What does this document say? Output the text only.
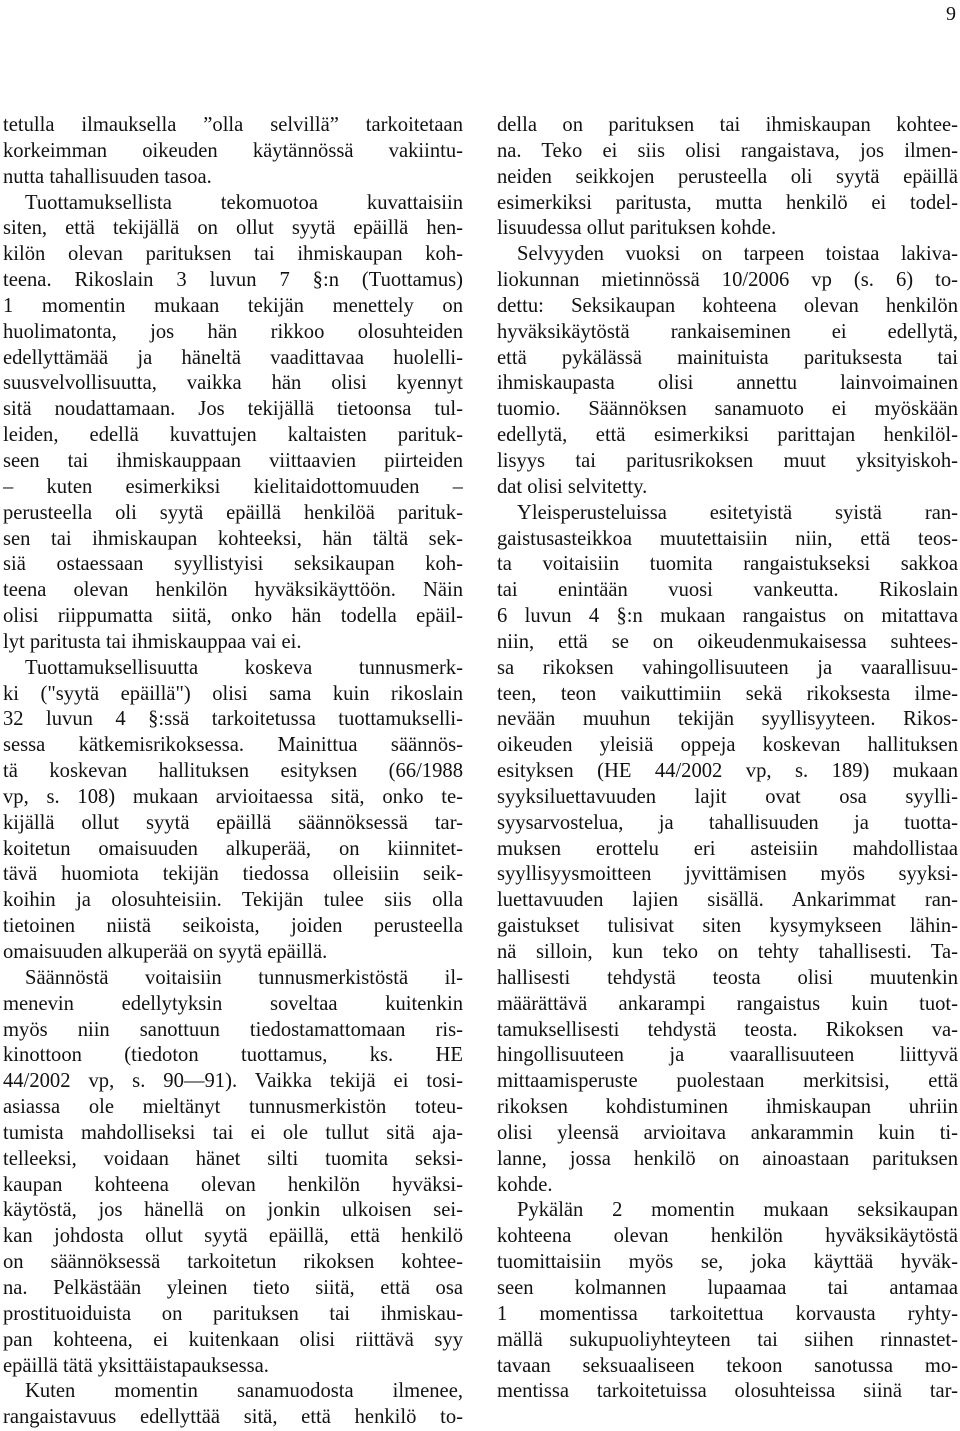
9
tetulla ilmauksella ”olla selvillä” tarkoitetaan
korkeimman oikeuden käytännössä vakiintu-
nutta tahallisuuden tasoa.
Tuottamuksellista tekomuotoa kuvattaisiin
siten, että tekijällä on ollut syytä epäillä hen-
kilön olevan parituksen tai ihmiskaupan koh-
teena. Rikoslain 3 luvun 7 §:n (Tuottamus)
1 momentin mukaan tekijän menettely on
huolimatonta, jos hän rikkoo olosuhteiden
edellyttämää ja häneltä vaadittavaa huolelli-
suusvelvollisuutta, vaikka hän olisi kyennyt
sitä noudattamaan. Jos tekijällä tietoonsa tul-
leiden, edellä kuvattujen kaltaisten parituk-
seen tai ihmiskauppaan viittaavien piirteiden
– kuten esimerkiksi kielitaidottomuuden –
perusteella oli syytä epäillä henkilöä parituk-
sen tai ihmiskaupan kohteeksi, hän tältä sek-
siä ostaessaan syyllistyisi seksikaupan koh-
teena olevan henkilön hyväksikäyttöön. Näin
olisi riippumatta siitä, onko hän todella epäil-
lyt paritusta tai ihmiskauppaa vai ei.
Tuottamuksellisuutta koskeva tunnusmerk-
ki ("syytä epäillä") olisi sama kuin rikoslain
32 luvun 4 §:ssä tarkoitetussa tuottamukselli-
sessa kätkemisrikoksessa. Mainittua säännös-
tä koskevan hallituksen esityksen (66/1988
vp, s. 108) mukaan arvioitaessa sitä, onko te-
kijällä ollut syytä epäillä säännöksessä tar-
koitetun omaisuuden alkuperää, on kiinnitet-
tävä huomiota tekijän tiedossa olleisiin seik-
koihin ja olosuhteisiin. Tekijän tulee siis olla
tietoinen niistä seikoista, joiden perusteella
omaisuuden alkuperää on syytä epäillä.
Säännöstä voitaisiin tunnusmerkistöstä il-
menevin edellytyksin soveltaa kuitenkin
myös niin sanottuun tiedostamattomaan ris-
kinottoon (tiedoton tuottamus, ks. HE
44/2002 vp, s. 90—91). Vaikka tekijä ei tosi-
asiassa ole mieltänyt tunnusmerkistön toteu-
tumista mahdolliseksi tai ei ole tullut sitä aja-
telleeksi, voidaan hänet silti tuomita seksi-
kaupan kohteena olevan henkilön hyväksi-
käytöstä, jos hänellä on jonkin ulkoisen sei-
kan johdosta ollut syytä epäillä, että henkilö
on säännöksessä tarkoitetun rikoksen kohtee-
na. Pelkästään yleinen tieto siitä, että osa
prostituoiduista on parituksen tai ihmiskau-
pan kohteena, ei kuitenkaan olisi riittävä syy
epäillä tätä yksittäistapauksessa.
Kuten momentin sanamuodosta ilmenee,
rangaistavuus edellyttää sitä, että henkilö to-
della on parituksen tai ihmiskaupan kohtee-
na. Teko ei siis olisi rangaistava, jos ilmen-
neiden seikkojen perusteella oli syytä epäillä
esimerkiksi paritusta, mutta henkilö ei todel-
lisuudessa ollut parituksen kohde.
Selvyyden vuoksi on tarpeen toistaa lakiva-
liokunnan mietinnössä 10/2006 vp (s. 6) to-
dettu: Seksikaupan kohteena olevan henkilön
hyväksikäytöstä rankaiseminen ei edellytä,
että pykälässä mainituista parituksesta tai
ihmiskaupasta olisi annettu lainvoimainen
tuomio. Säännöksen sanamuoto ei myöskään
edellytä, että esimerkiksi parittajan henkilöl-
lisyys tai paritusrikoksen muut yksityiskoh-
dat olisi selvitetty.
Yleisperusteluissa esitetyistä syistä ran-
gaistusasteikkoa muutettaisiin niin, että teos-
ta voitaisiin tuomita rangaistukseksi sakkoa
tai enintään vuosi vankeutta. Rikoslain
6 luvun 4 §:n mukaan rangaistus on mitattava
niin, että se on oikeudenmukaisessa suhtees-
sa rikoksen vahingollisuuteen ja vaarallisuu-
teen, teon vaikuttimiin sekä rikoksesta ilme-
nevään muuhun tekijän syyllisyyteen. Rikos-
oikeuden yleisiä oppeja koskevan hallituksen
esityksen (HE 44/2002 vp, s. 189) mukaan
syyksiluettavuuden lajit ovat osa syylli-
syysarvostelua, ja tahallisuuden ja tuotta-
muksen erottelu eri asteisiin mahdollistaa
syyllisyysmoitteen jyvittämisen myös syyksi-
luettavuuden lajien sisällä. Ankarimmat ran-
gaistukset tulisivat siten kysymykseen lähin-
nä silloin, kun teko on tehty tahallisesti. Ta-
hallisesti tehdystä teosta olisi muutenkin
määrättävä ankarampi rangaistus kuin tuot-
tamuksellisesti tehdystä teosta. Rikoksen va-
hingollisuuteen ja vaarallisuuteen liittyvä
mittaamisperuste puolestaan merkitsisi, että
rikoksen kohdistuminen ihmiskaupan uhriin
olisi yleensä arvioitava ankarammin kuin ti-
lanne, jossa henkilö on ainoastaan parituksen
kohde.
Pykälän 2 momentin mukaan seksikaupan
kohteena olevan henkilön hyväksikäytöstä
tuomittaisiin myös se, joka käyttää hyväk-
seen kolmannen lupaamaa tai antamaa
1 momentissa tarkoitettua korvausta ryhty-
mällä sukupuoliyhteyteen tai siihen rinnastet-
tavaan seksuaaliseen tekoon sanotussa mo-
mentissa tarkoitetuissa olosuhteissa siinä tar-
